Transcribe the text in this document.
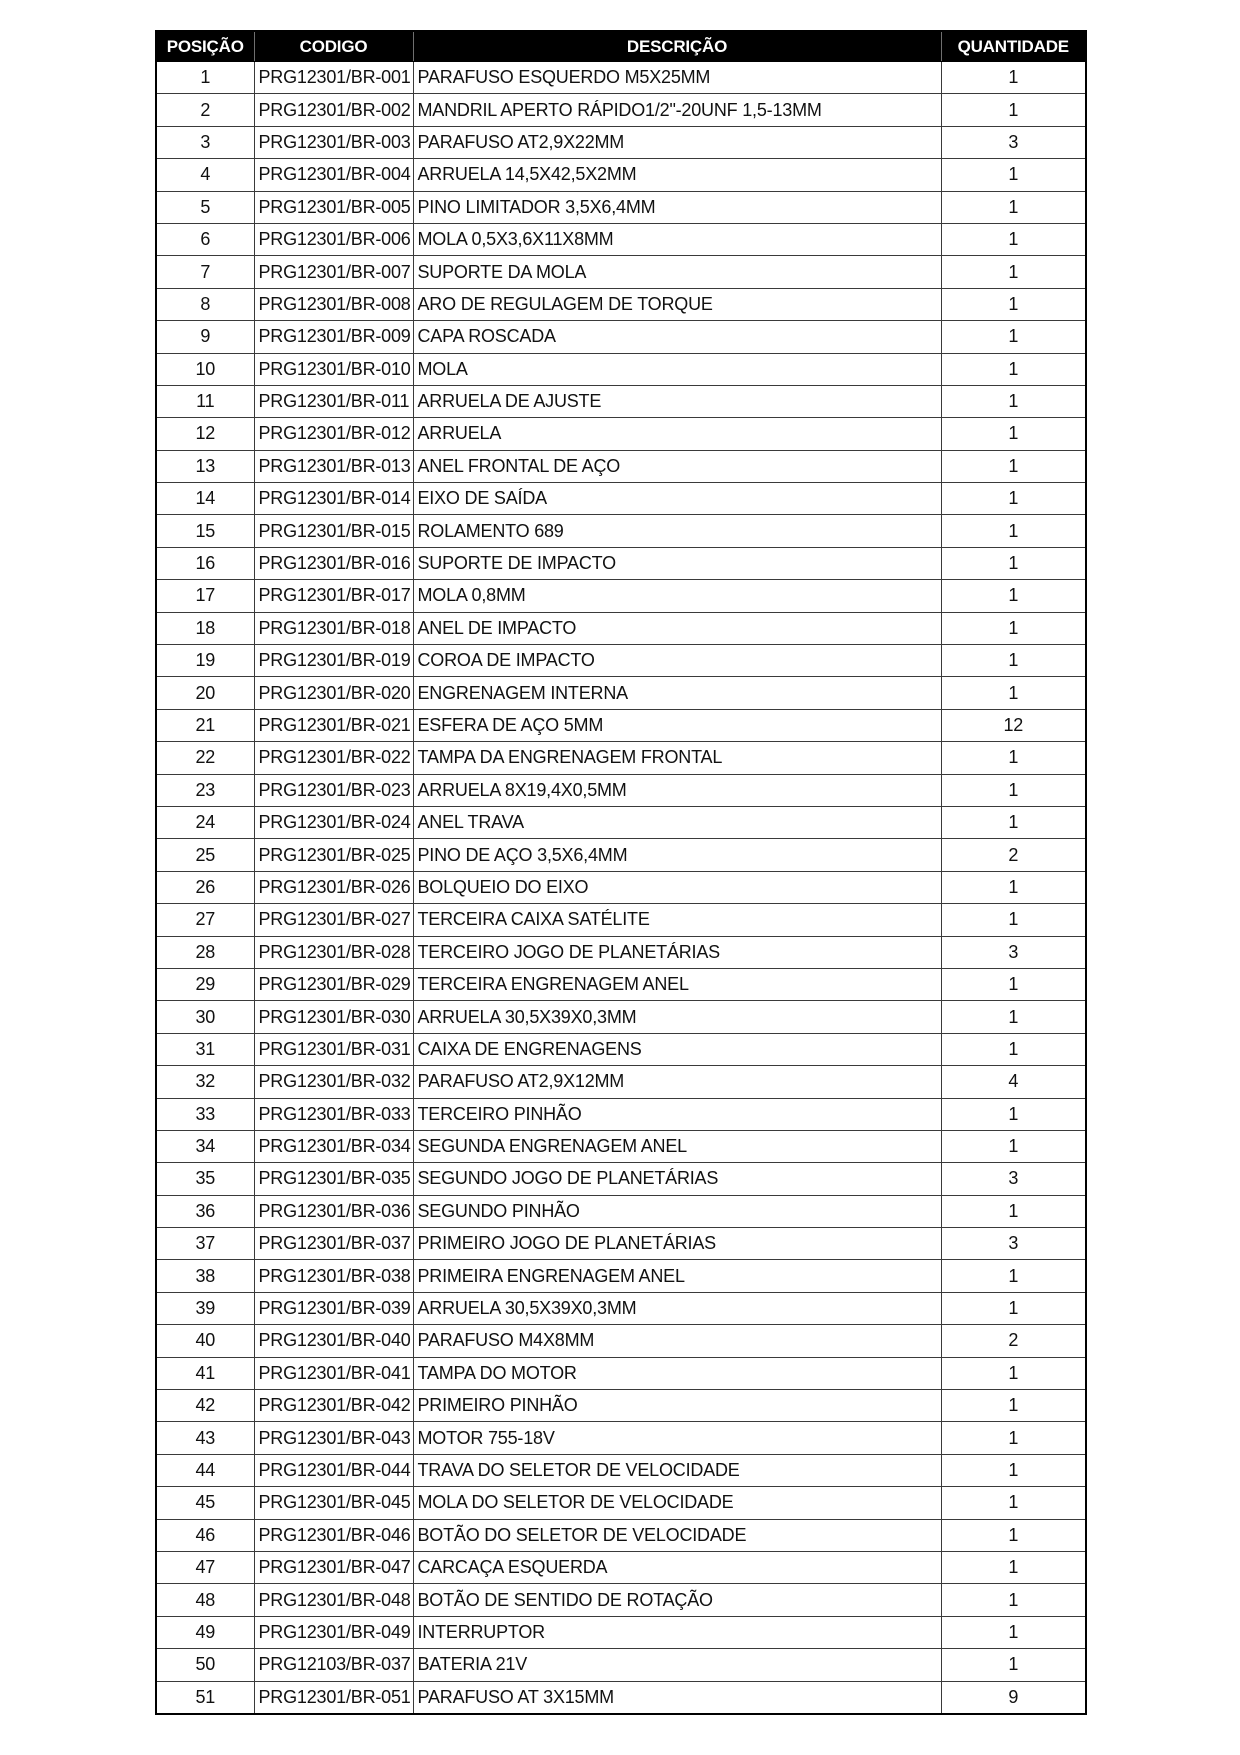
POSIÇÃO	CODIGO	DESCRIÇÃO	QUANTIDADE
1	PRG12301/BR-001	PARAFUSO ESQUERDO M5X25MM	1
2	PRG12301/BR-002	MANDRIL APERTO RÁPIDO1/2"-20UNF 1,5-13MM	1
3	PRG12301/BR-003	PARAFUSO AT2,9X22MM	3
4	PRG12301/BR-004	ARRUELA 14,5X42,5X2MM	1
5	PRG12301/BR-005	PINO LIMITADOR 3,5X6,4MM	1
6	PRG12301/BR-006	MOLA 0,5X3,6X11X8MM	1
7	PRG12301/BR-007	SUPORTE DA MOLA	1
8	PRG12301/BR-008	ARO DE REGULAGEM DE TORQUE	1
9	PRG12301/BR-009	CAPA ROSCADA	1
10	PRG12301/BR-010	MOLA	1
11	PRG12301/BR-011	ARRUELA DE AJUSTE	1
12	PRG12301/BR-012	ARRUELA	1
13	PRG12301/BR-013	ANEL FRONTAL DE AÇO	1
14	PRG12301/BR-014	EIXO DE SAÍDA	1
15	PRG12301/BR-015	ROLAMENTO 689	1
16	PRG12301/BR-016	SUPORTE DE IMPACTO	1
17	PRG12301/BR-017	MOLA 0,8MM	1
18	PRG12301/BR-018	ANEL DE IMPACTO	1
19	PRG12301/BR-019	COROA DE IMPACTO	1
20	PRG12301/BR-020	ENGRENAGEM INTERNA	1
21	PRG12301/BR-021	ESFERA DE AÇO 5MM	12
22	PRG12301/BR-022	TAMPA DA ENGRENAGEM FRONTAL	1
23	PRG12301/BR-023	ARRUELA 8X19,4X0,5MM	1
24	PRG12301/BR-024	ANEL TRAVA	1
25	PRG12301/BR-025	PINO DE AÇO 3,5X6,4MM	2
26	PRG12301/BR-026	BOLQUEIO DO EIXO	1
27	PRG12301/BR-027	TERCEIRA CAIXA SATÉLITE	1
28	PRG12301/BR-028	TERCEIRO JOGO DE PLANETÁRIAS	3
29	PRG12301/BR-029	TERCEIRA ENGRENAGEM ANEL	1
30	PRG12301/BR-030	ARRUELA 30,5X39X0,3MM	1
31	PRG12301/BR-031	CAIXA DE ENGRENAGENS	1
32	PRG12301/BR-032	PARAFUSO AT2,9X12MM	4
33	PRG12301/BR-033	TERCEIRO PINHÃO	1
34	PRG12301/BR-034	SEGUNDA ENGRENAGEM ANEL	1
35	PRG12301/BR-035	SEGUNDO JOGO DE PLANETÁRIAS	3
36	PRG12301/BR-036	SEGUNDO PINHÃO	1
37	PRG12301/BR-037	PRIMEIRO JOGO DE PLANETÁRIAS	3
38	PRG12301/BR-038	PRIMEIRA ENGRENAGEM ANEL	1
39	PRG12301/BR-039	ARRUELA 30,5X39X0,3MM	1
40	PRG12301/BR-040	PARAFUSO M4X8MM	2
41	PRG12301/BR-041	TAMPA DO MOTOR	1
42	PRG12301/BR-042	PRIMEIRO PINHÃO	1
43	PRG12301/BR-043	MOTOR 755-18V	1
44	PRG12301/BR-044	TRAVA DO SELETOR DE VELOCIDADE	1
45	PRG12301/BR-045	MOLA DO SELETOR DE VELOCIDADE	1
46	PRG12301/BR-046	BOTÃO DO SELETOR DE VELOCIDADE	1
47	PRG12301/BR-047	CARCAÇA ESQUERDA	1
48	PRG12301/BR-048	BOTÃO DE SENTIDO DE ROTAÇÃO	1
49	PRG12301/BR-049	INTERRUPTOR	1
50	PRG12103/BR-037	BATERIA 21V	1
51	PRG12301/BR-051	PARAFUSO AT 3X15MM	9
